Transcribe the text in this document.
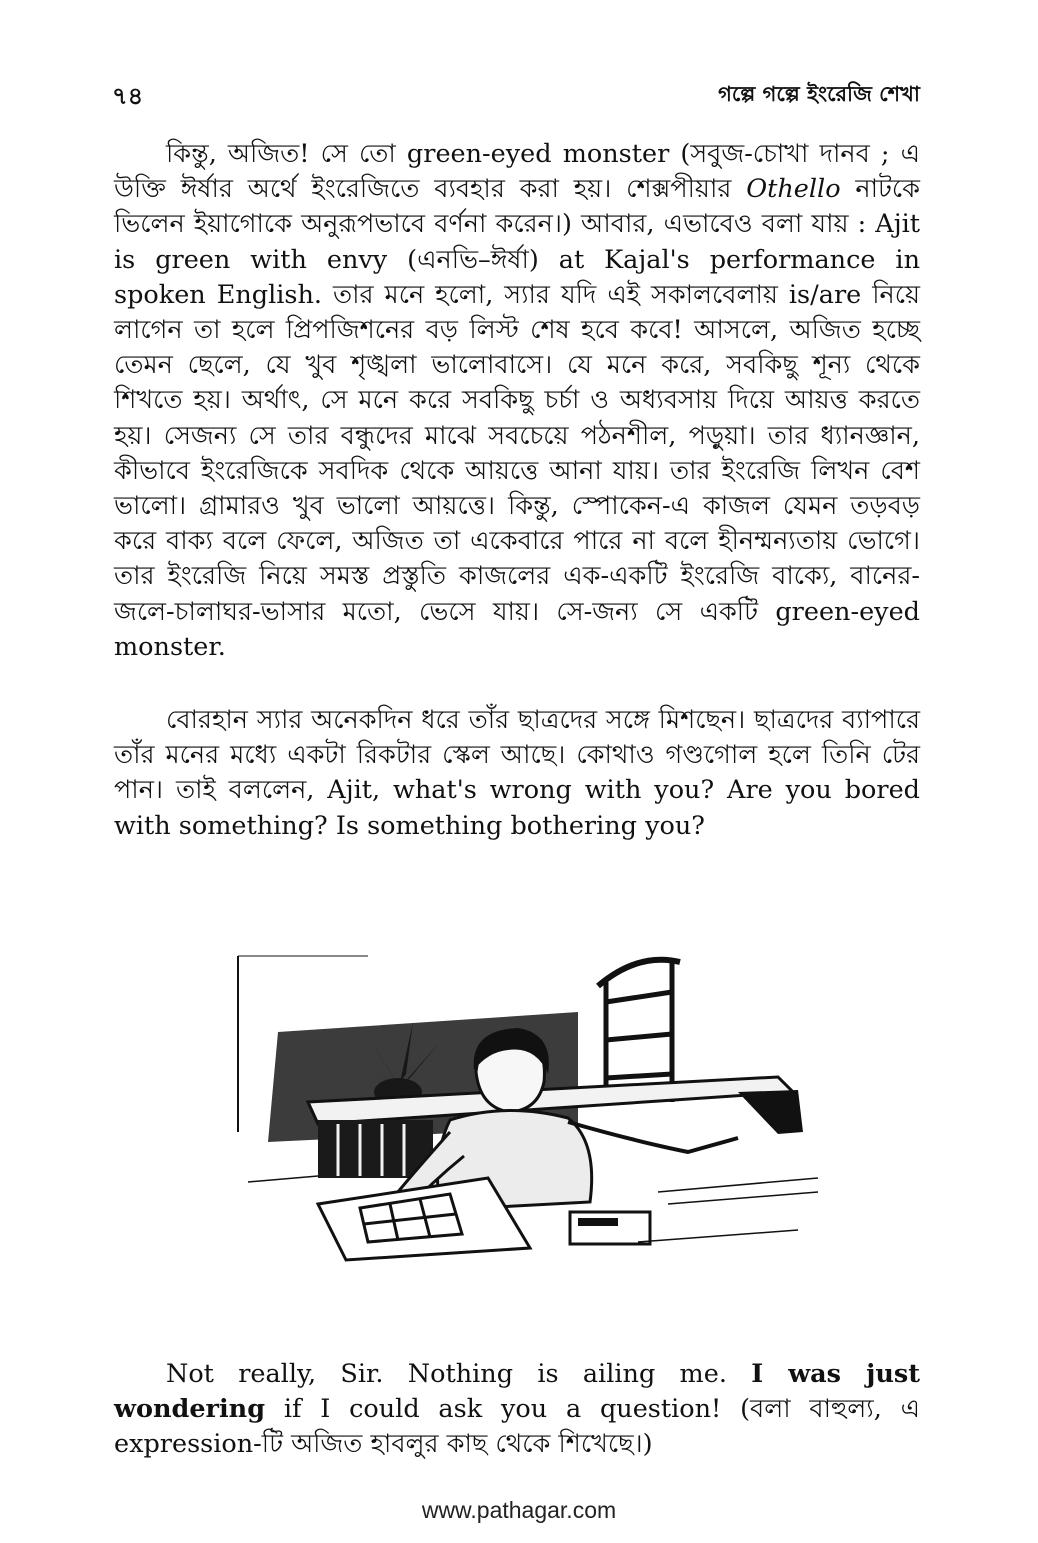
৭৪	গল্পে গল্পে ইংরেজি শেখা

কিন্তু, অজিত! সে তো green-eyed monster (সবুজ-চোখা দানব ; এ উক্তি ঈর্ষার অর্থে ইংরেজিতে ব্যবহার করা হয়। শেক্সপীয়ার Othello নাটকে ভিলেন ইয়াগোকে অনুরূপভাবে বর্ণনা করেন।) আবার, এভাবেও বলা যায় : Ajit is green with envy (এনভি–ঈর্ষা) at Kajal's performance in spoken English. তার মনে হলো, স্যার যদি এই সকালবেলায় is/are নিয়ে লাগেন তা হলে প্রিপজিশনের বড় লিস্ট শেষ হবে কবে! আসলে, অজিত হচ্ছে তেমন ছেলে, যে খুব শৃঙ্খলা ভালোবাসে। যে মনে করে, সবকিছু শূন্য থেকে শিখতে হয়। অর্থাৎ, সে মনে করে সবকিছু চর্চা ও অধ্যবসায় দিয়ে আয়ত্ত করতে হয়। সেজন্য সে তার বন্ধুদের মাঝে সবচেয়ে পঠনশীল, পড়ুয়া। তার ধ্যানজ্ঞান, কীভাবে ইংরেজিকে সবদিক থেকে আয়ত্তে আনা যায়। তার ইংরেজি লিখন বেশ ভালো। গ্রামারও খুব ভালো আয়ত্তে। কিন্তু, স্পোকেন-এ কাজল যেমন তড়বড় করে বাক্য বলে ফেলে, অজিত তা একেবারে পারে না বলে হীনম্মন্যতায় ভোগে। তার ইংরেজি নিয়ে সমস্ত প্রস্তুতি কাজলের এক-একটি ইংরেজি বাক্যে, বানের-জলে-চালাঘর-ভাসার মতো, ভেসে যায়। সে-জন্য সে একটি green-eyed monster.

বোরহান স্যার অনেকদিন ধরে তাঁর ছাত্রদের সঙ্গে মিশছেন। ছাত্রদের ব্যাপারে তাঁর মনের মধ্যে একটা রিকটার স্কেল আছে। কোথাও গণ্ডগোল হলে তিনি টের পান। তাই বললেন, Ajit, what's wrong with you? Are you bored with something? Is something bothering you?

Not really, Sir. Nothing is ailing me. I was just wondering if I could ask you a question! (বলা বাহুল্য, এ expression-টি অজিত হাবলুর কাছ থেকে শিখেছে।)

www.pathagar.com
